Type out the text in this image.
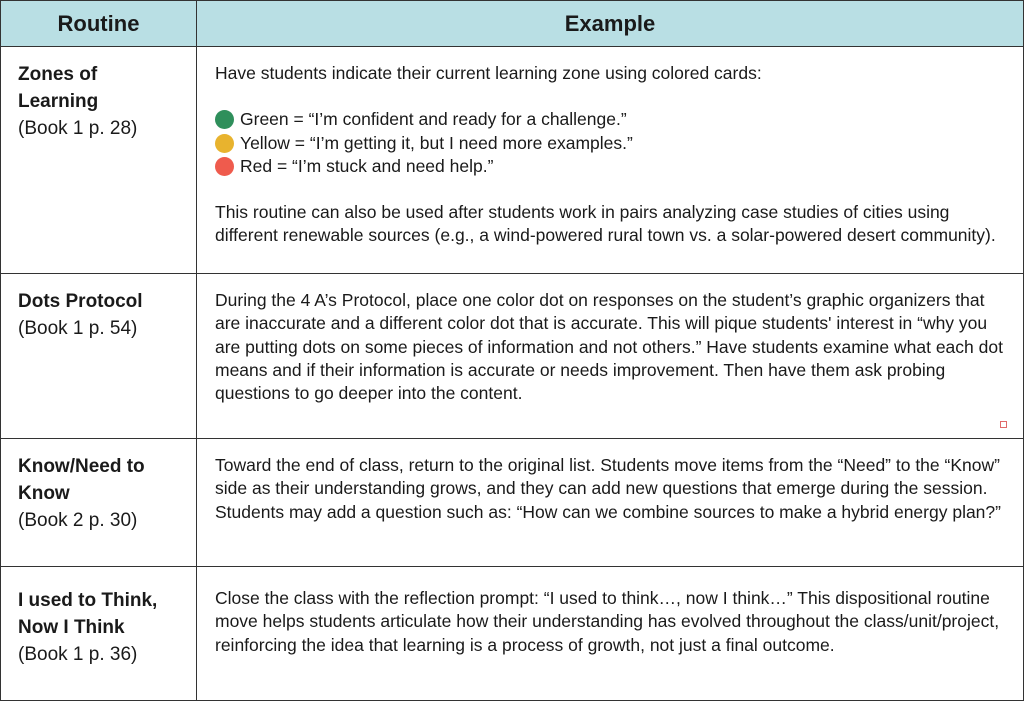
Routine	Example
Zones of Learning
(Book 1 p. 28)

Have students indicate their current learning zone using colored cards:

Green = “I’m confident and ready for a challenge.”
Yellow = “I’m getting it, but I need more examples.”
Red = “I’m stuck and need help.”

This routine can also be used after students work in pairs analyzing case studies of cities using different renewable sources (e.g., a wind-powered rural town vs. a solar-powered desert community).

Dots Protocol
(Book 1 p. 54)

During the 4 A’s Protocol, place one color dot on responses on the student’s graphic organizers that are inaccurate and a different color dot that is accurate. This will pique students' interest in “why you are putting dots on some pieces of information and not others.” Have students examine what each dot means and if their information is accurate or needs improvement. Then have them ask probing questions to go deeper into the content.

Know/Need to Know
(Book 2 p. 30)

Toward the end of class, return to the original list. Students move items from the “Need” to the “Know” side as their understanding grows, and they can add new questions that emerge during the session. Students may add a question such as: “How can we combine sources to make a hybrid energy plan?”

I used to Think, Now I Think
(Book 1 p. 36)

Close the class with the reflection prompt: “I used to think…, now I think…” This dispositional routine move helps students articulate how their understanding has evolved throughout the class/unit/project, reinforcing the idea that learning is a process of growth, not just a final outcome.
